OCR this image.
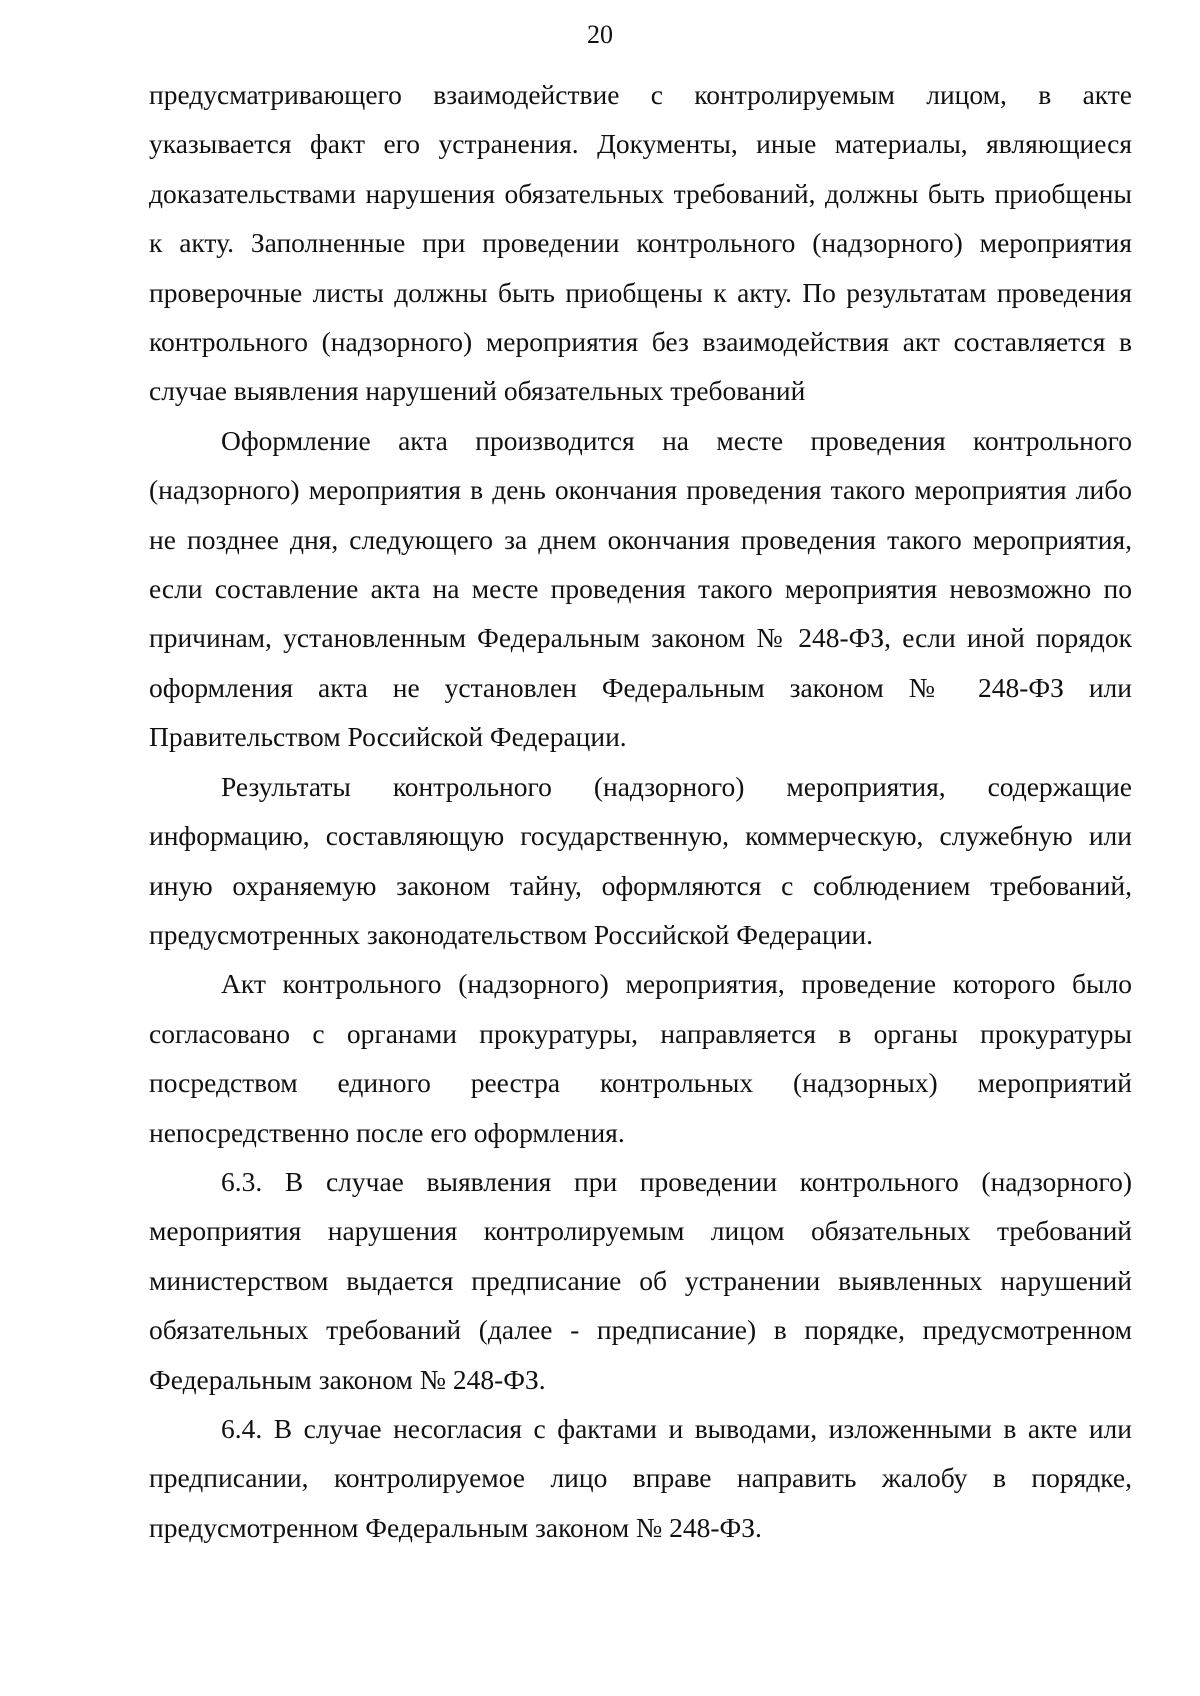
20

предусматривающего взаимодействие с контролируемым лицом, в акте указывается факт его устранения. Документы, иные материалы, являющиеся доказательствами нарушения обязательных требований, должны быть приобщены к акту. Заполненные при проведении контрольного (надзорного) мероприятия проверочные листы должны быть приобщены к акту. По результатам проведения контрольного (надзорного) мероприятия без взаимодействия акт составляется в случае выявления нарушений обязательных требований

Оформление акта производится на месте проведения контрольного (надзорного) мероприятия в день окончания проведения такого мероприятия либо не позднее дня, следующего за днем окончания проведения такого мероприятия, если составление акта на месте проведения такого мероприятия невозможно по причинам, установленным Федеральным законом № 248-ФЗ, если иной порядок оформления акта не установлен Федеральным законом № 248-ФЗ или Правительством Российской Федерации.

Результаты контрольного (надзорного) мероприятия, содержащие информацию, составляющую государственную, коммерческую, служебную или иную охраняемую законом тайну, оформляются с соблюдением требований, предусмотренных законодательством Российской Федерации.

Акт контрольного (надзорного) мероприятия, проведение которого было согласовано с органами прокуратуры, направляется в органы прокуратуры посредством единого реестра контрольных (надзорных) мероприятий непосредственно после его оформления.

6.3. В случае выявления при проведении контрольного (надзорного) мероприятия нарушения контролируемым лицом обязательных требований министерством выдается предписание об устранении выявленных нарушений обязательных требований (далее - предписание) в порядке, предусмотренном Федеральным законом № 248-ФЗ.

6.4. В случае несогласия с фактами и выводами, изложенными в акте или предписании, контролируемое лицо вправе направить жалобу в порядке, предусмотренном Федеральным законом № 248-ФЗ.
